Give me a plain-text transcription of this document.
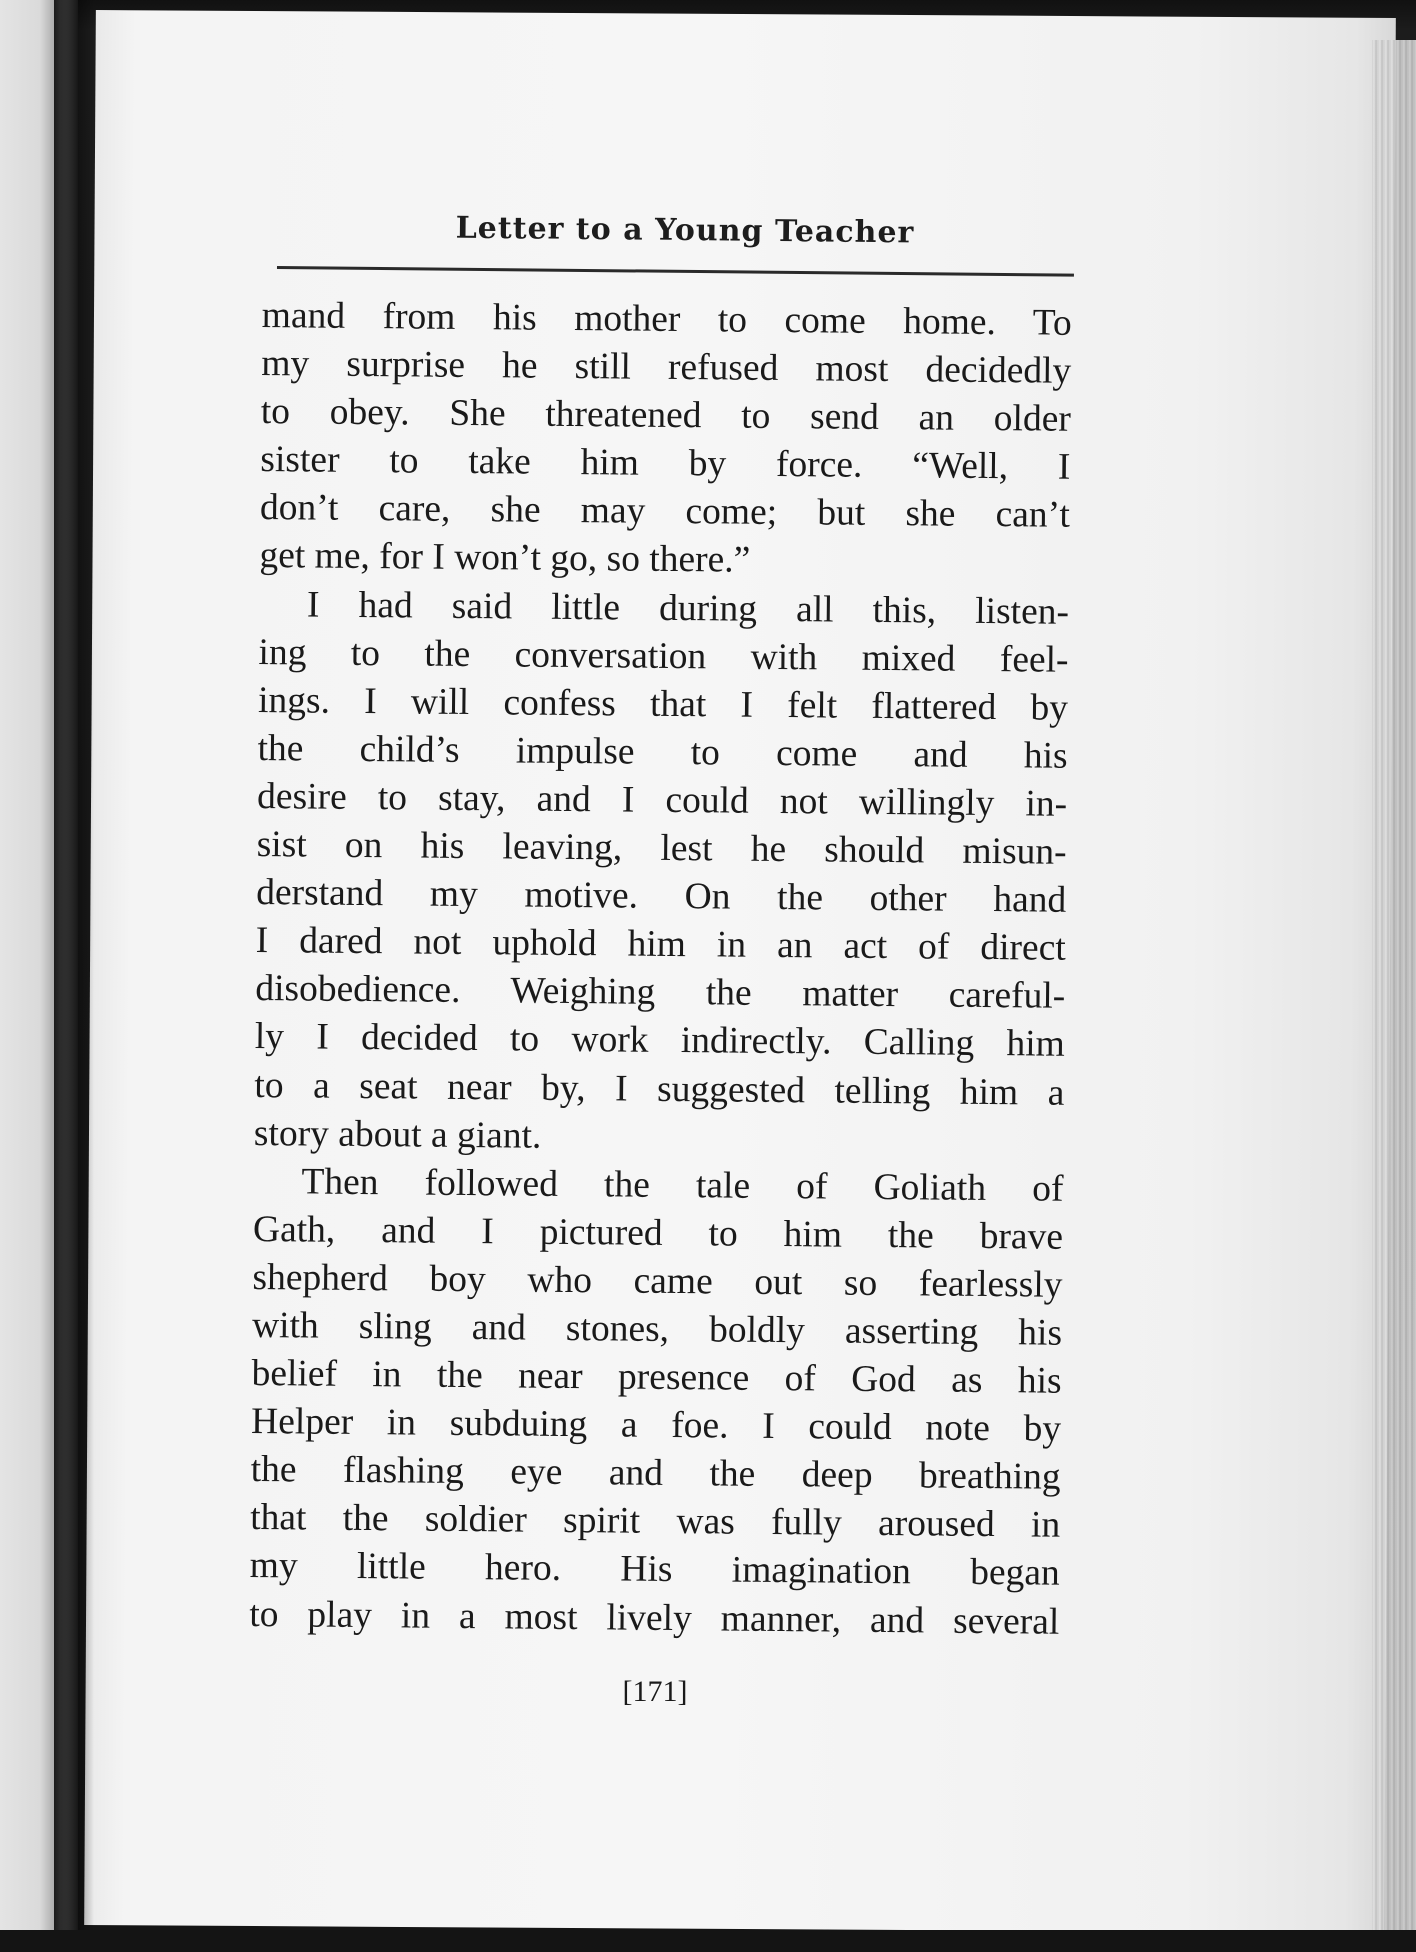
Letter to a Young Teacher
mand from his mother to come home. To
my surprise he still refused most decidedly
to obey. She threatened to send an older
sister to take him by force. “Well, I
don’t care, she may come; but she can’t
get me, for I won’t go, so there.”
I had said little during all this, listen-
ing to the conversation with mixed feel-
ings. I will confess that I felt flattered by
the child’s impulse to come and his
desire to stay, and I could not willingly in-
sist on his leaving, lest he should misun-
derstand my motive. On the other hand
I dared not uphold him in an act of direct
disobedience. Weighing the matter careful-
ly I decided to work indirectly. Calling him
to a seat near by, I suggested telling him a
story about a giant.
Then followed the tale of Goliath of
Gath, and I pictured to him the brave
shepherd boy who came out so fearlessly
with sling and stones, boldly asserting his
belief in the near presence of God as his
Helper in subduing a foe. I could note by
the flashing eye and the deep breathing
that the soldier spirit was fully aroused in
my little hero. His imagination began
to play in a most lively manner, and several
[171]
